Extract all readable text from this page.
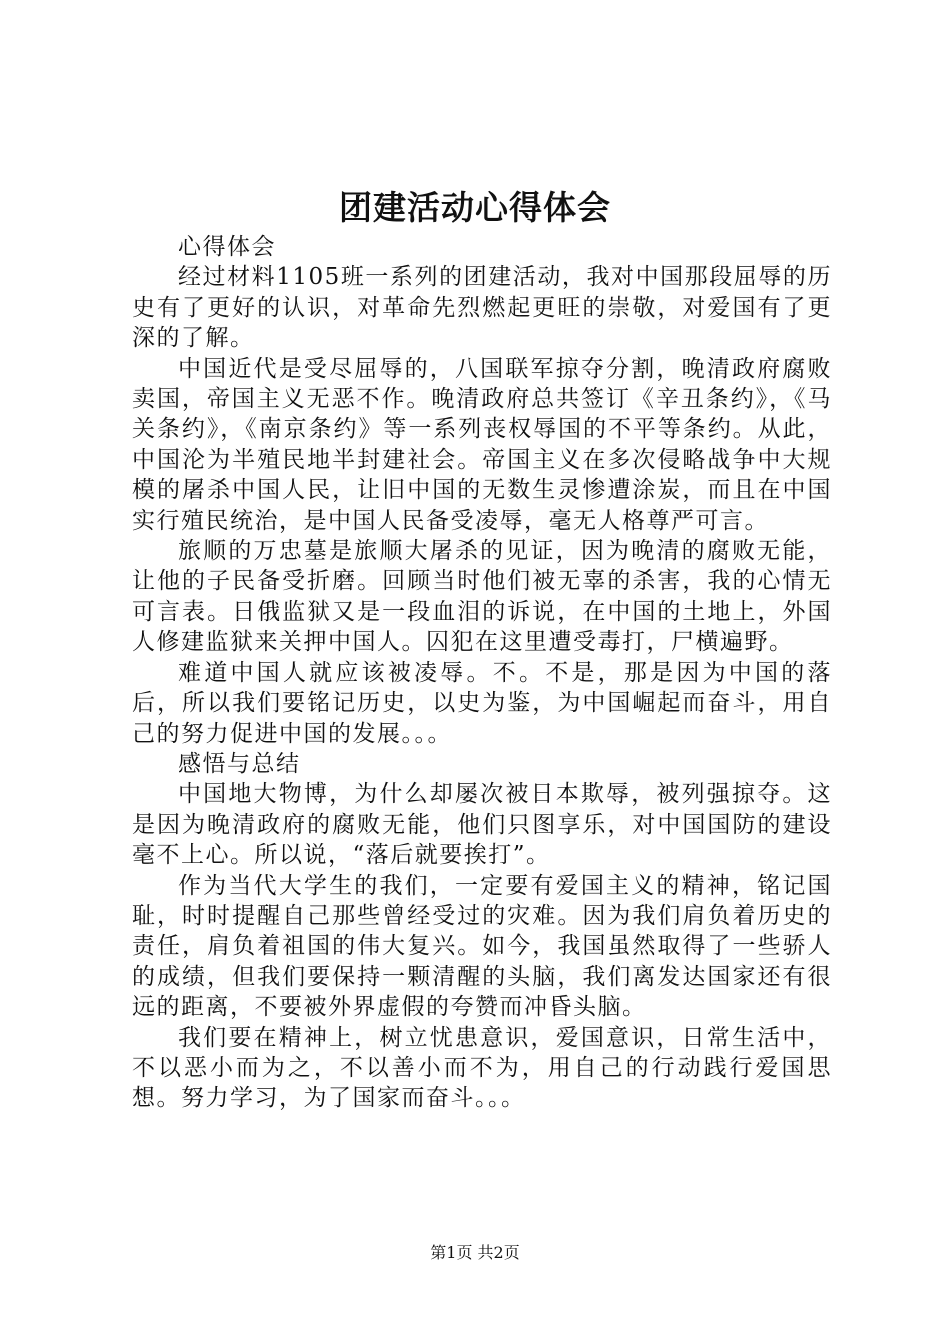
团建活动心得体会

心得体会

经过材料1105班一系列的团建活动，我对中国那段屈辱的历史有了更好的认识，对革命先烈燃起更旺的崇敬，对爱国有了更深的了解。

中国近代是受尽屈辱的，八国联军掠夺分割，晚清政府腐败卖国，帝国主义无恶不作。晚清政府总共签订《辛丑条约》，《马关条约》，《南京条约》等一系列丧权辱国的不平等条约。从此，中国沦为半殖民地半封建社会。帝国主义在多次侵略战争中大规模的屠杀中国人民，让旧中国的无数生灵惨遭涂炭，而且在中国实行殖民统治，是中国人民备受凌辱，毫无人格尊严可言。

旅顺的万忠墓是旅顺大屠杀的见证，因为晚清的腐败无能，让他的子民备受折磨。回顾当时他们被无辜的杀害，我的心情无可言表。日俄监狱又是一段血泪的诉说，在中国的土地上，外国人修建监狱来关押中国人。囚犯在这里遭受毒打，尸横遍野。

难道中国人就应该被凌辱。不。不是，那是因为中国的落后，所以我们要铭记历史，以史为鉴，为中国崛起而奋斗，用自己的努力促进中国的发展。。。

感悟与总结

中国地大物博，为什么却屡次被日本欺辱，被列强掠夺。这是因为晚清政府的腐败无能，他们只图享乐，对中国国防的建设毫不上心。所以说，“落后就要挨打”。

作为当代大学生的我们，一定要有爱国主义的精神，铭记国耻，时时提醒自己那些曾经受过的灾难。因为我们肩负着历史的责任，肩负着祖国的伟大复兴。如今，我国虽然取得了一些骄人的成绩，但我们要保持一颗清醒的头脑，我们离发达国家还有很远的距离，不要被外界虚假的夸赞而冲昏头脑。

我们要在精神上，树立忧患意识，爱国意识，日常生活中，不以恶小而为之，不以善小而不为，用自己的行动践行爱国思想。努力学习，为了国家而奋斗。。。

第1页 共2页
